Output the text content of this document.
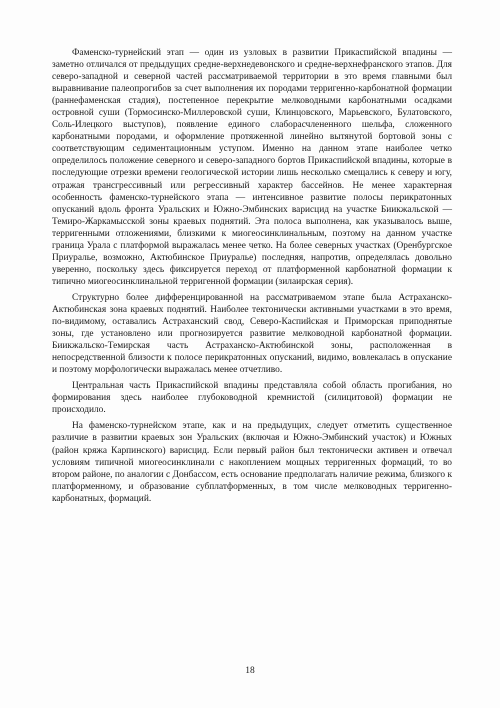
Фаменско-турнейский этап — один из узловых в развитии Прикаспийской впадины — заметно отличался от предыдущих средне-верхнедевонского и средне-верхнефранского этапов. Для северо-западной и северной частей рассматриваемой территории в это время главными был выравнивание палеопрогибов за счет выполнения их породами терригенно-карбонатной формации (раннефаменская стадия), постепенное перекрытие мелководными карбонатными осадками островной суши (Тормосинско-Миллеровской суши, Клинцовского, Марьевского, Булатовского, Соль-Илецкого выступов), появление единого слаборасчлененного шельфа, сложенного карбонатными породами, и оформление протяженной линейно вытянутой бортовой зоны с соответствующим седиментационным уступом. Именно на данном этапе наиболее четко определилось положение северного и северо-западного бортов Прикаспийской впадины, которые в последующие отрезки времени геологической истории лишь несколько смещались к северу и югу, отражая трансгрессивный или регрессивный характер бассейнов. Не менее характерная особенность фаменско-турнейского этапа — интенсивное развитие полосы перикратонных опусканий вдоль фронта Уральских и Южно-Эмбинских варисцид на участке Биикжальской — Темиро-Жаркамысской зоны краевых поднятий. Эта полоса выполнена, как указывалось выше, терригенными отложениями, близкими к миогеосинклинальным, поэтому на данном участке граница Урала с платформой выражалась менее четко. На более северных участках (Оренбургское Приуралье, возможно, Актюбинское Приуралье) последняя, напротив, определялась довольно уверенно, поскольку здесь фиксируется переход от платформенной карбонатной формации к типично миогеосинклинальной терригенной формации (зилаирская серия).

Структурно более дифференцированной на рассматриваемом этапе была Астраханско-Актюбинская зона краевых поднятий. Наиболее тектонически активными участками в это время, по-видимому, оставались Астраханский свод, Северо-Каспийская и Приморская приподнятые зоны, где установлено или прогнозируется развитие мелководной карбонатной формации. Биикжальско-Темирская часть Астраханско-Актюбинской зоны, расположенная в непосредственной близости к полосе перикратонных опусканий, видимо, вовлекалась в опускание и поэтому морфологически выражалась менее отчетливо.

Центральная часть Прикаспийской впадины представляла собой область прогибания, но формирования здесь наиболее глубоководной кремнистой (силицитовой) формации не происходило.

На фаменско-турнейском этапе, как и на предыдущих, следует отметить существенное различие в развитии краевых зон Уральских (включая и Южно-Эмбинский участок) и Южных (район кряжа Карпинского) варисцид. Если первый район был тектонически активен и отвечал условиям типичной миогеосинклинали с накоплением мощных терригенных формаций, то во втором районе, по аналогии с Донбассом, есть основание предполагать наличие режима, близкого к платформенному, и образование субплатформенных, в том числе мелководных терригенно-карбонатных, формаций.

18
